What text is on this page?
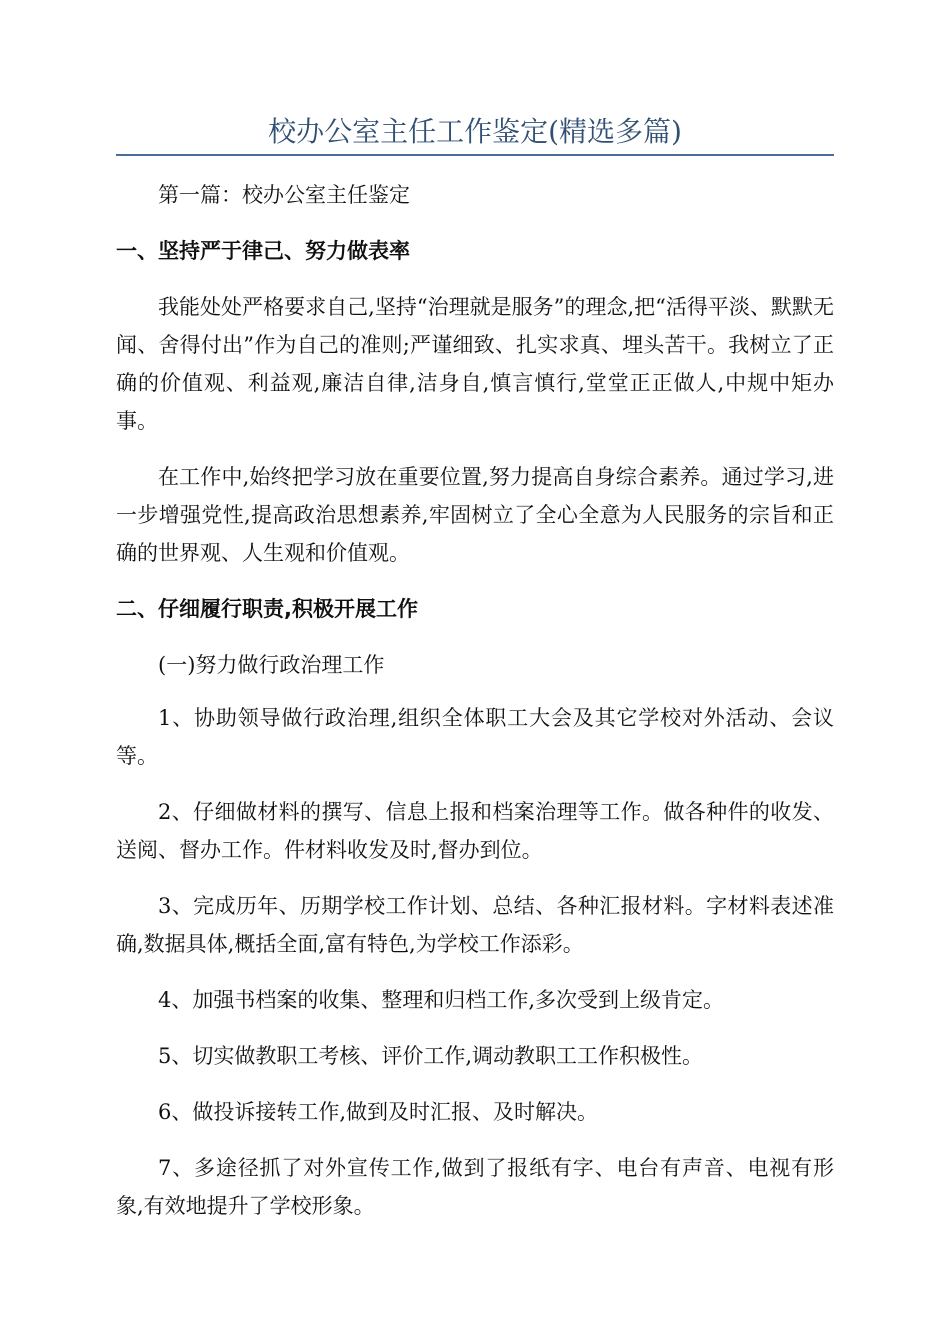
校办公室主任工作鉴定(精选多篇)

第一篇：校办公室主任鉴定

一、坚持严于律己、努力做表率

我能处处严格要求自己,坚持“治理就是服务”的理念,把“活得平淡、默默无闻、舍得付出”作为自己的准则;严谨细致、扎实求真、埋头苦干。我树立了正确的价值观、利益观,廉洁自律,洁身自,慎言慎行,堂堂正正做人,中规中矩办事。

在工作中,始终把学习放在重要位置,努力提高自身综合素养。通过学习,进一步增强党性,提高政治思想素养,牢固树立了全心全意为人民服务的宗旨和正确的世界观、人生观和价值观。

二、仔细履行职责,积极开展工作

(一)努力做行政治理工作

1、协助领导做行政治理,组织全体职工大会及其它学校对外活动、会议等。

2、仔细做材料的撰写、信息上报和档案治理等工作。做各种件的收发、送阅、督办工作。件材料收发及时,督办到位。

3、完成历年、历期学校工作计划、总结、各种汇报材料。字材料表述准确,数据具体,概括全面,富有特色,为学校工作添彩。

4、加强书档案的收集、整理和归档工作,多次受到上级肯定。

5、切实做教职工考核、评价工作,调动教职工工作积极性。

6、做投诉接转工作,做到及时汇报、及时解决。

7、多途径抓了对外宣传工作,做到了报纸有字、电台有声音、电视有形象,有效地提升了学校形象。
